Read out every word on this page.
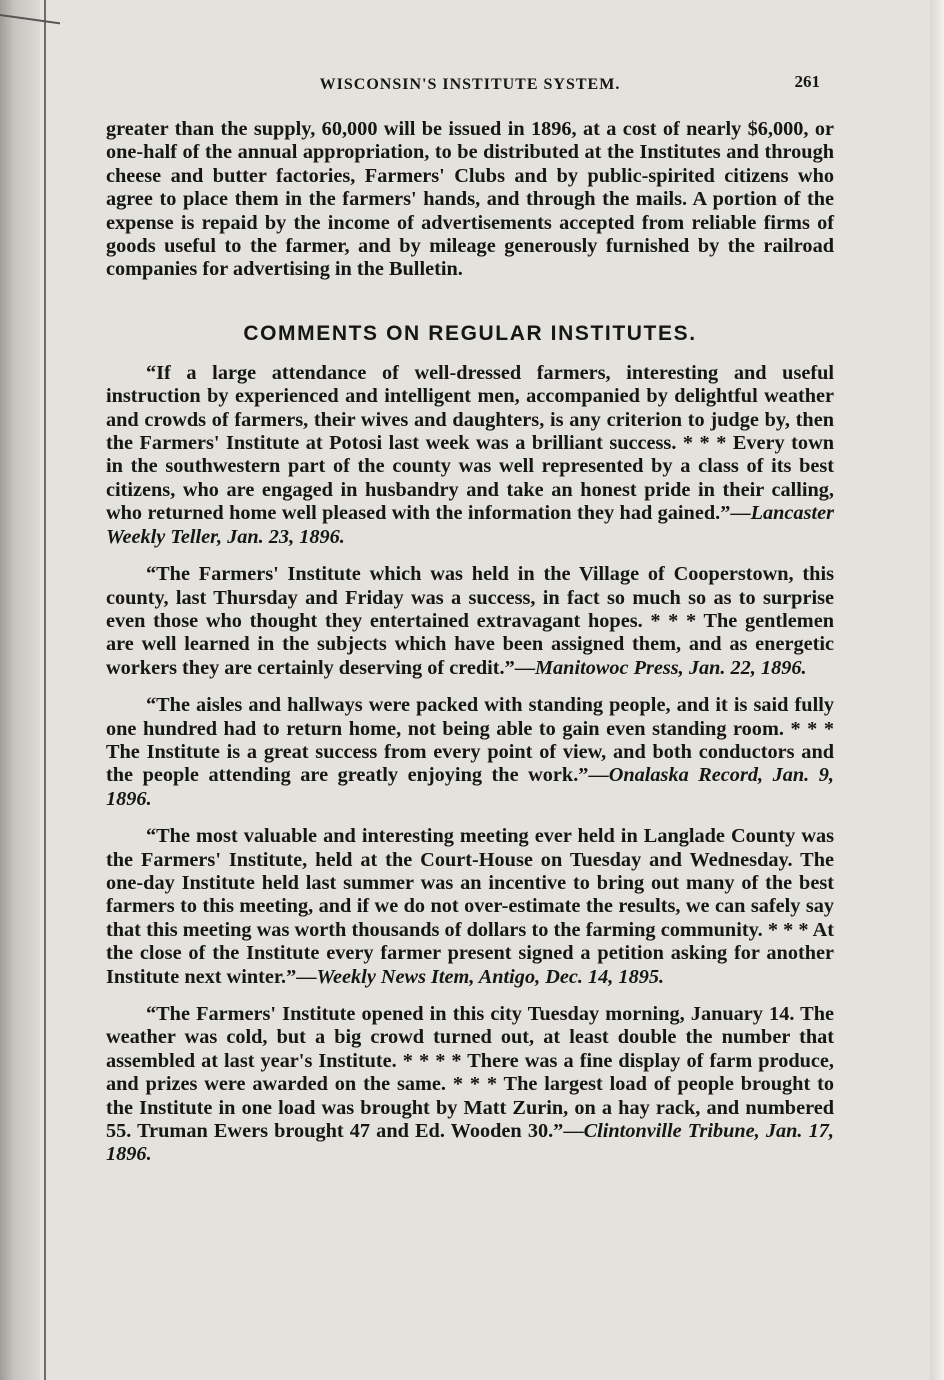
WISCONSIN'S INSTITUTE SYSTEM.	261

greater than the supply, 60,000 will be issued in 1896, at a cost of nearly $6,000, or one-half of the annual appropriation, to be distributed at the Institutes and through cheese and butter factories, Farmers' Clubs and by public-spirited citizens who agree to place them in the farmers' hands, and through the mails. A portion of the expense is repaid by the income of advertisements accepted from reliable firms of goods useful to the farmer, and by mileage generously furnished by the railroad companies for advertising in the Bulletin.

COMMENTS ON REGULAR INSTITUTES.

“If a large attendance of well-dressed farmers, interesting and useful instruction by experienced and intelligent men, accompanied by delightful weather and crowds of farmers, their wives and daughters, is any criterion to judge by, then the Farmers' Institute at Potosi last week was a brilliant success. * * * Every town in the southwestern part of the county was well represented by a class of its best citizens, who are engaged in husbandry and take an honest pride in their calling, who returned home well pleased with the information they had gained.”—Lancaster Weekly Teller, Jan. 23, 1896.

“The Farmers' Institute which was held in the Village of Cooperstown, this county, last Thursday and Friday was a success, in fact so much so as to surprise even those who thought they entertained extravagant hopes. * * * The gentlemen are well learned in the subjects which have been assigned them, and as energetic workers they are certainly deserving of credit.”—Manitowoc Press, Jan. 22, 1896.

“The aisles and hallways were packed with standing people, and it is said fully one hundred had to return home, not being able to gain even standing room. * * * The Institute is a great success from every point of view, and both conductors and the people attending are greatly enjoying the work.”—Onalaska Record, Jan. 9, 1896.

“The most valuable and interesting meeting ever held in Langlade County was the Farmers' Institute, held at the Court-House on Tuesday and Wednesday. The one-day Institute held last summer was an incentive to bring out many of the best farmers to this meeting, and if we do not over-estimate the results, we can safely say that this meeting was worth thousands of dollars to the farming community. * * * At the close of the Institute every farmer present signed a petition asking for another Institute next winter.”—Weekly News Item, Antigo, Dec. 14, 1895.

“The Farmers' Institute opened in this city Tuesday morning, January 14. The weather was cold, but a big crowd turned out, at least double the number that assembled at last year's Institute. * * * * There was a fine display of farm produce, and prizes were awarded on the same. * * * The largest load of people brought to the Institute in one load was brought by Matt Zurin, on a hay rack, and numbered 55. Truman Ewers brought 47 and Ed. Wooden 30.”—Clintonville Tribune, Jan. 17, 1896.
